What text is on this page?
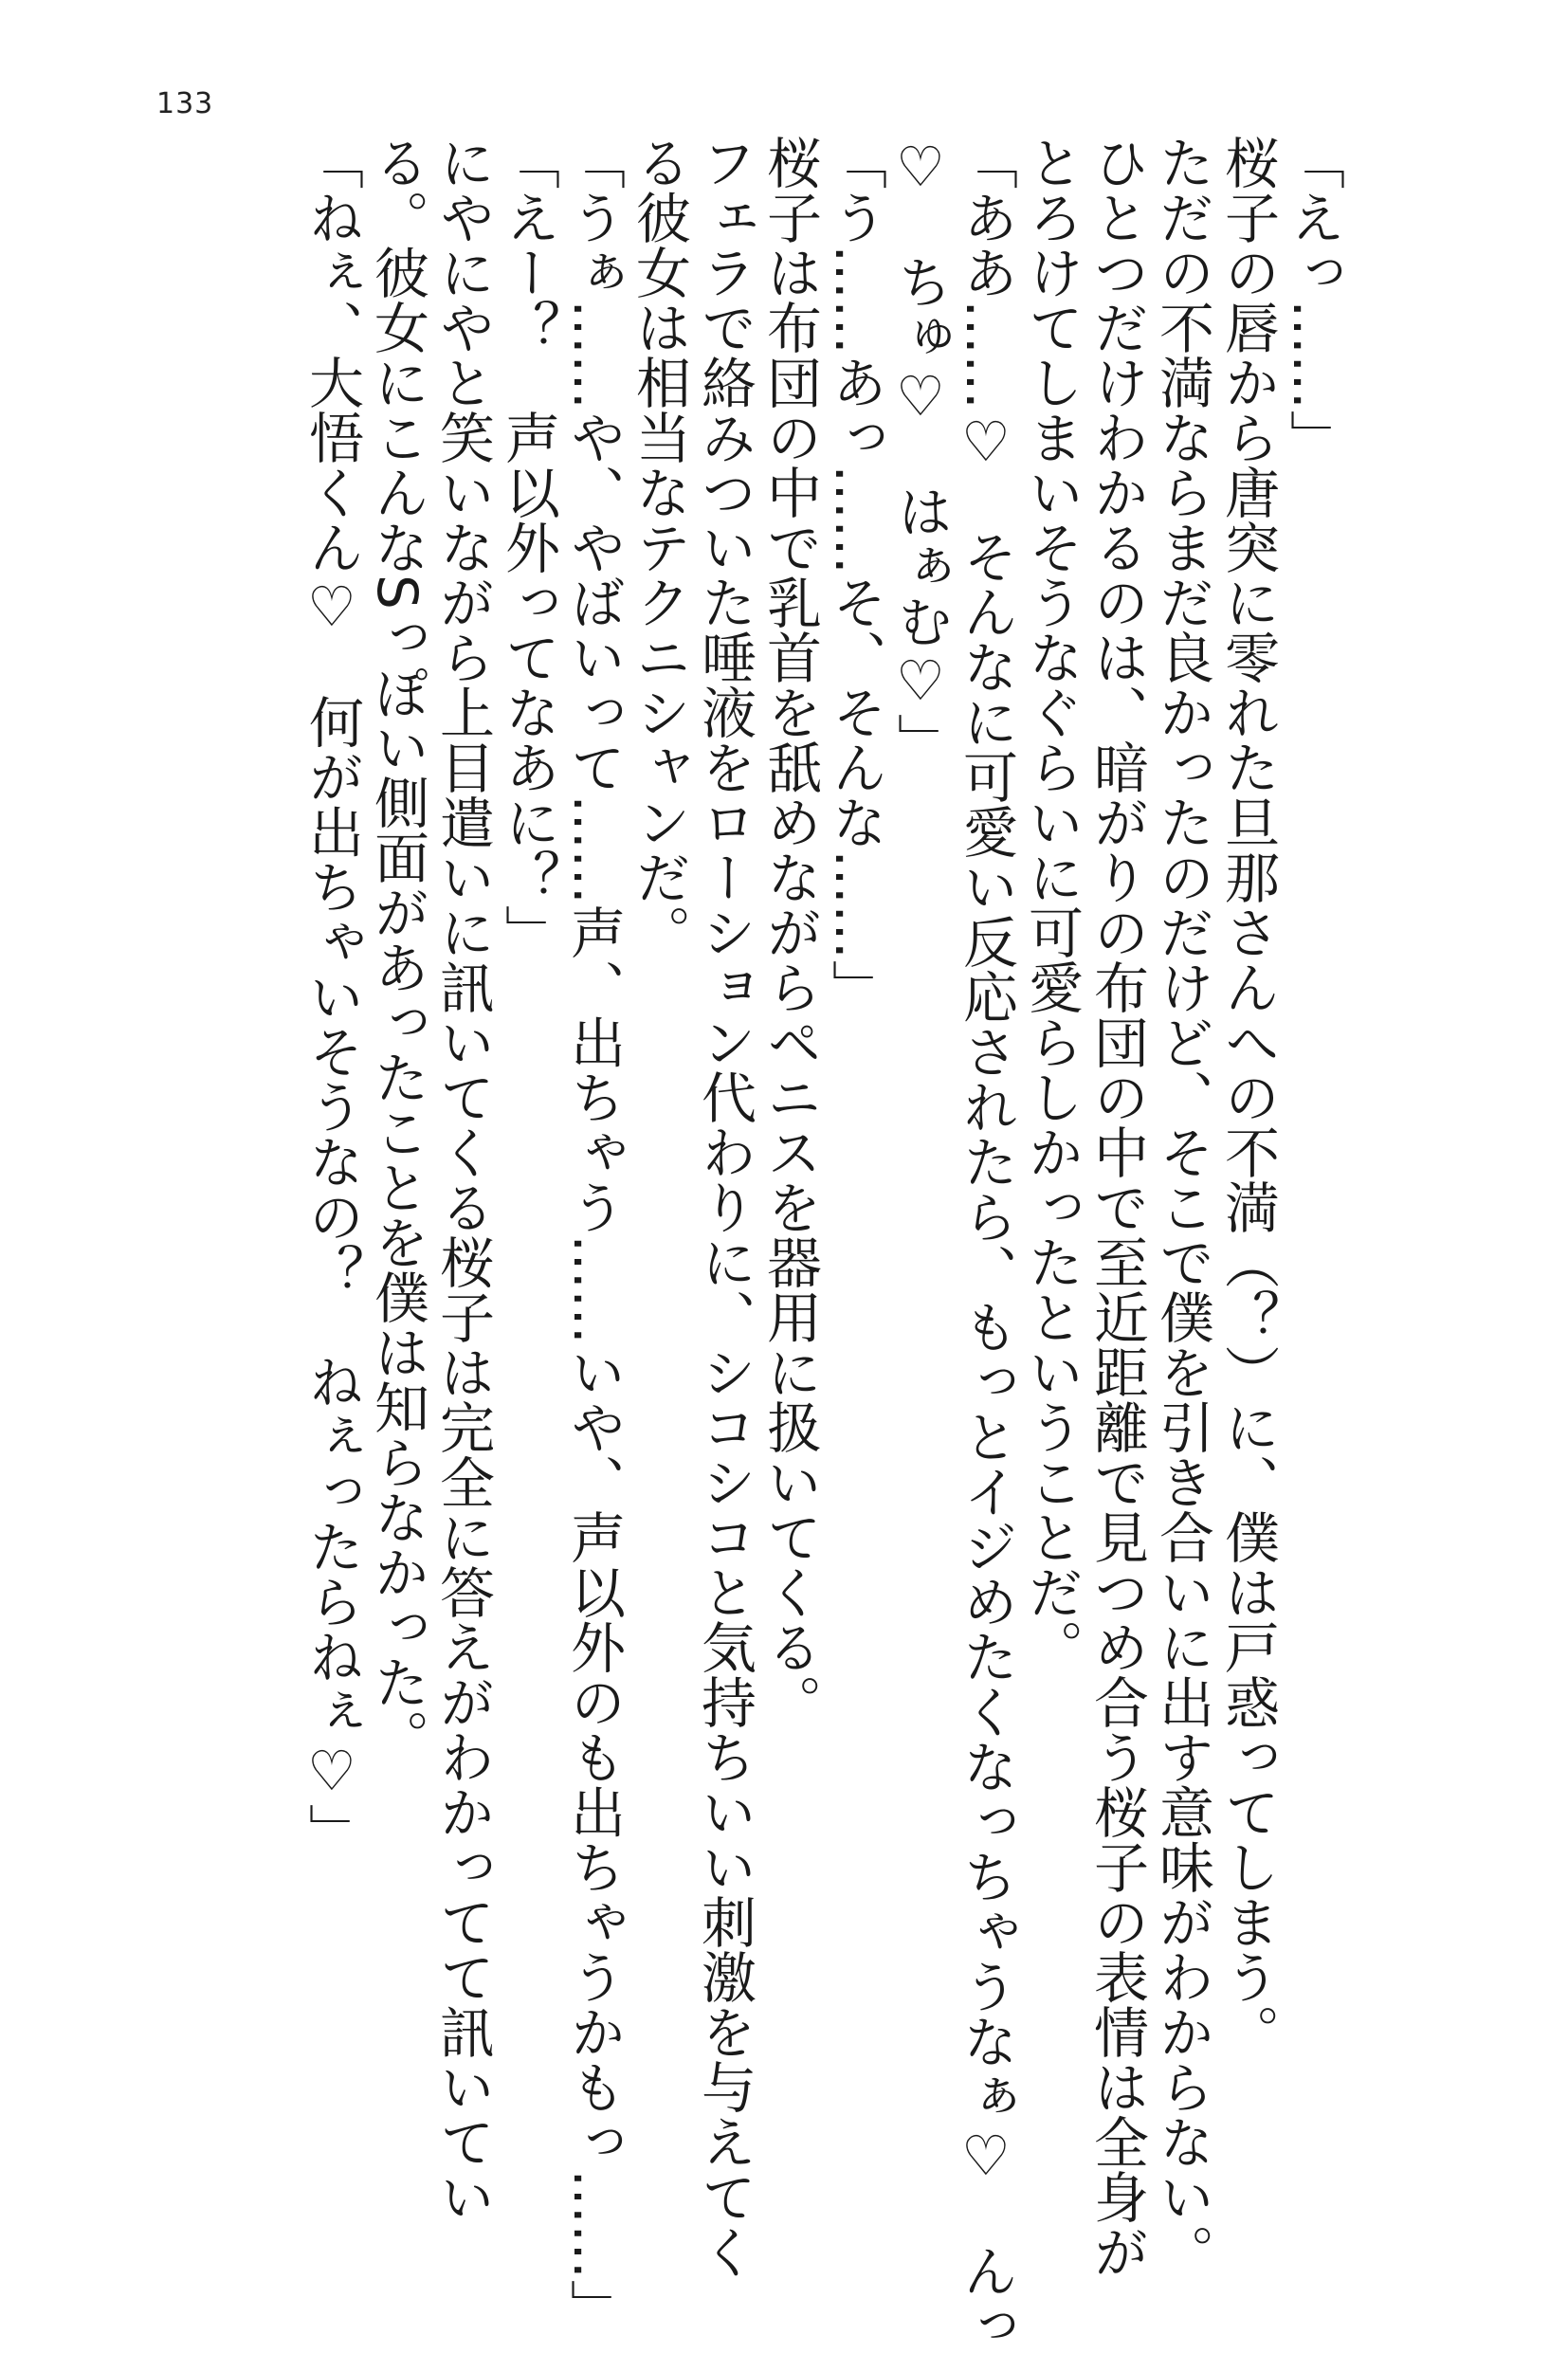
133

「えっ……」

桜子の唇から唐突に零れた旦那さんへの不満（？）に、僕は戸惑ってしまう。

ただの不満ならまだ良かったのだけど、そこで僕を引き合いに出す意味がわからない。

ひとつだけわかるのは、暗がりの布団の中で至近距離で見つめ合う桜子の表情は全身が

とろけてしまいそうなぐらいに可愛らしかったということだ。

「ああ……♡　そんなに可愛い反応されたら、もっとイジめたくなっちゃうなぁ♡　んっ

♡　ちゅ♡　はぁむ♡」

「う……あっ……そ、そんな……」

桜子は布団の中で乳首を舐めながらペニスを器用に扱いてくる。

フェラで絡みついた唾液をローション代わりに、シコシコと気持ちいい刺激を与えてく

る彼女は相当なテクニシャンだ。

「うぁ……や、やばいって……声、出ちゃう……いや、声以外のも出ちゃうかもっ……」

「えー？　声以外ってなあに？」

にやにやと笑いながら上目遣いに訊いてくる桜子は完全に答えがわかってて訊いてい

る。彼女にこんなSっぽい側面があったことを僕は知らなかった。

「ねぇ、大悟くん♡　何が出ちゃいそうなの？　ねぇったらねぇ♡」
